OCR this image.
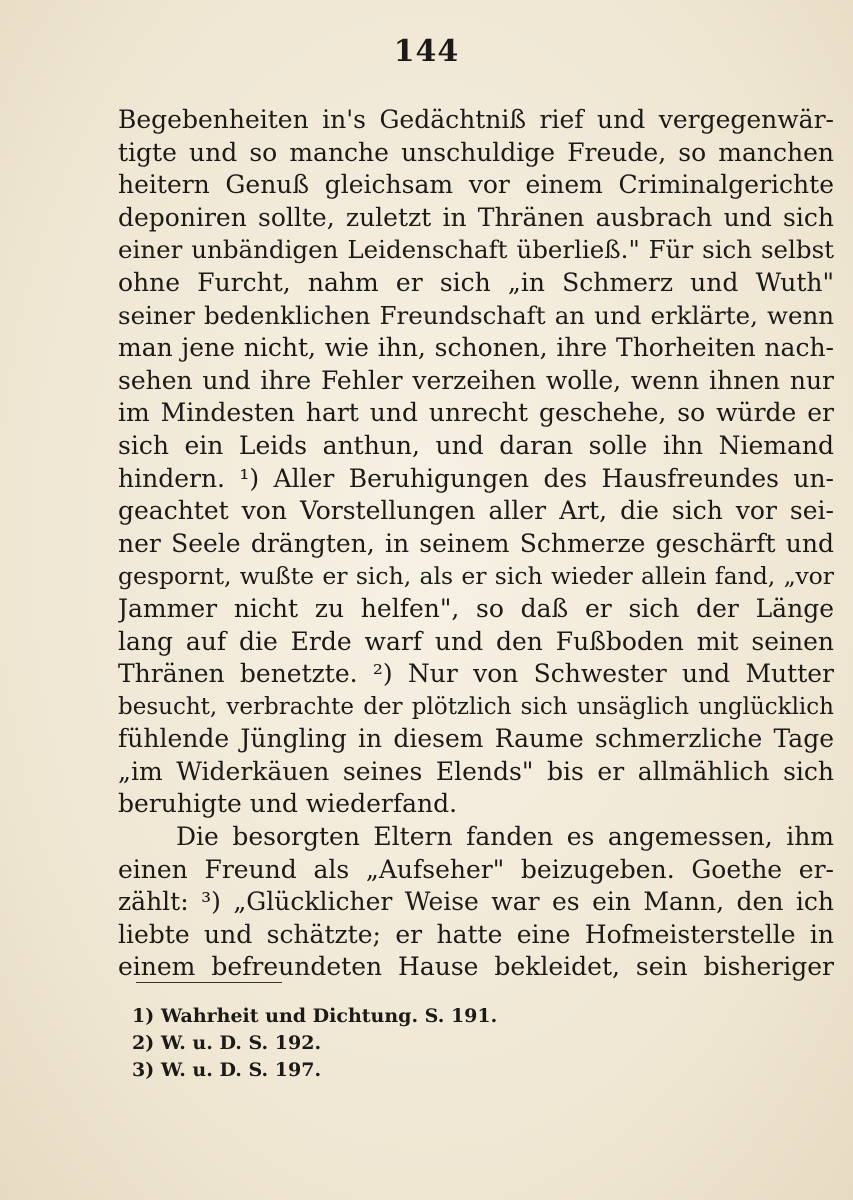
144
Begebenheiten in's Gedächtniß rief und vergegenwär-
tigte und so manche unschuldige Freude, so manchen
heitern Genuß gleichsam vor einem Criminalgerichte
deponiren sollte, zuletzt in Thränen ausbrach und sich
einer unbändigen Leidenschaft überließ." Für sich selbst
ohne Furcht, nahm er sich „in Schmerz und Wuth"
seiner bedenklichen Freundschaft an und erklärte, wenn
man jene nicht, wie ihn, schonen, ihre Thorheiten nach-
sehen und ihre Fehler verzeihen wolle, wenn ihnen nur
im Mindesten hart und unrecht geschehe, so würde er
sich ein Leids anthun, und daran solle ihn Niemand
hindern. ¹) Aller Beruhigungen des Hausfreundes un-
geachtet von Vorstellungen aller Art, die sich vor sei-
ner Seele drängten, in seinem Schmerze geschärft und
gespornt, wußte er sich, als er sich wieder allein fand, „vor
Jammer nicht zu helfen", so daß er sich der Länge
lang auf die Erde warf und den Fußboden mit seinen
Thränen benetzte. ²) Nur von Schwester und Mutter
besucht, verbrachte der plötzlich sich unsäglich unglücklich
fühlende Jüngling in diesem Raume schmerzliche Tage
„im Widerkäuen seines Elends" bis er allmählich sich
beruhigte und wiederfand.
Die besorgten Eltern fanden es angemessen, ihm
einen Freund als „Aufseher" beizugeben. Goethe er-
zählt: ³) „Glücklicher Weise war es ein Mann, den ich
liebte und schätzte; er hatte eine Hofmeisterstelle in
einem befreundeten Hause bekleidet, sein bisheriger
1) Wahrheit und Dichtung. S. 191.
2) W. u. D. S. 192.
3) W. u. D. S. 197.
